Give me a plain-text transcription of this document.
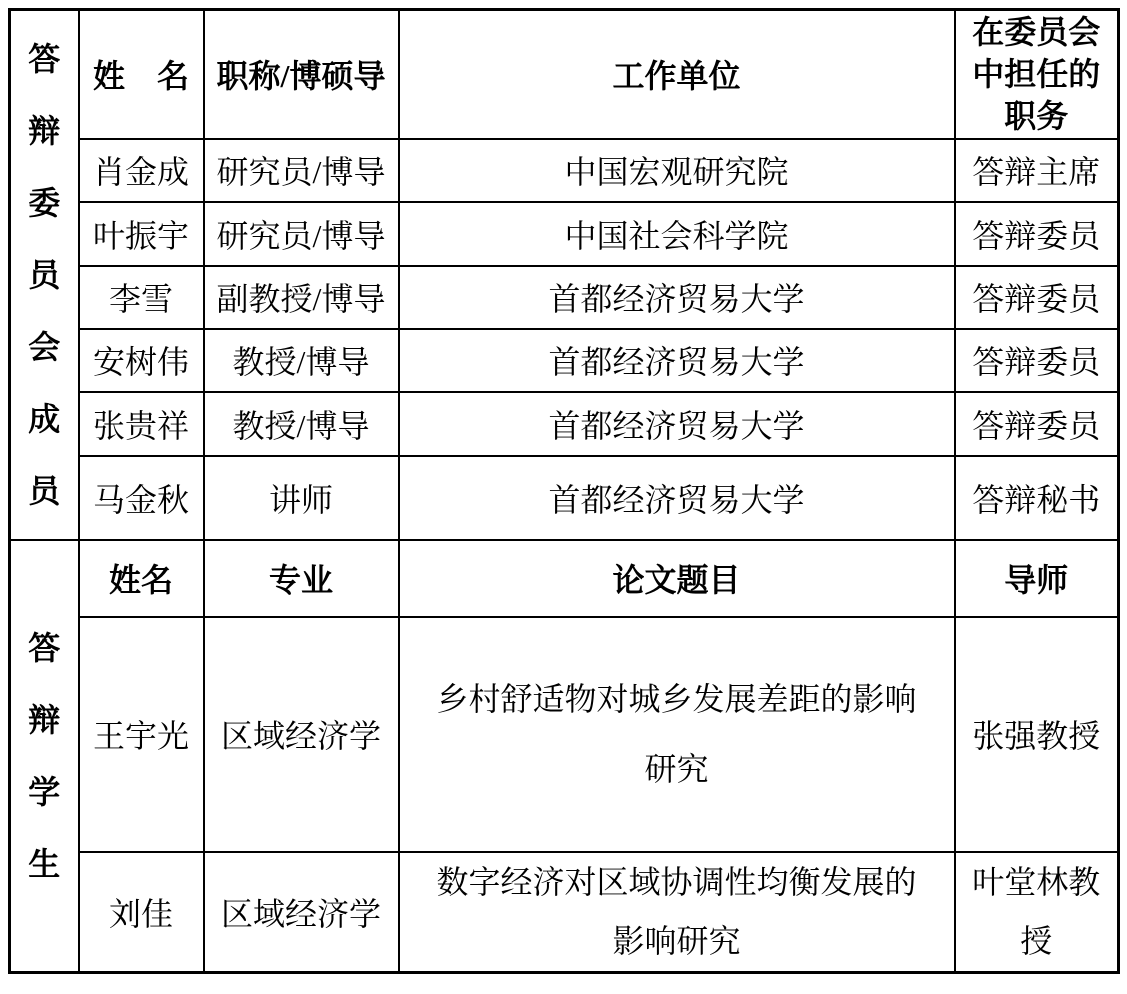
答辩委员会成员	姓　名	职称/博硕导	工作单位	在委员会中担任的职务
	肖金成	研究员/博导	中国宏观研究院	答辩主席
	叶振宇	研究员/博导	中国社会科学院	答辩委员
	李雪	副教授/博导	首都经济贸易大学	答辩委员
	安树伟	教授/博导	首都经济贸易大学	答辩委员
	张贵祥	教授/博导	首都经济贸易大学	答辩委员
	马金秋	讲师	首都经济贸易大学	答辩秘书

答辩学生	姓名	专业	论文题目	导师
	王宇光	区域经济学	乡村舒适物对城乡发展差距的影响研究	张强教授
	刘佳	区域经济学	数字经济对区域协调性均衡发展的影响研究	叶堂林教授
